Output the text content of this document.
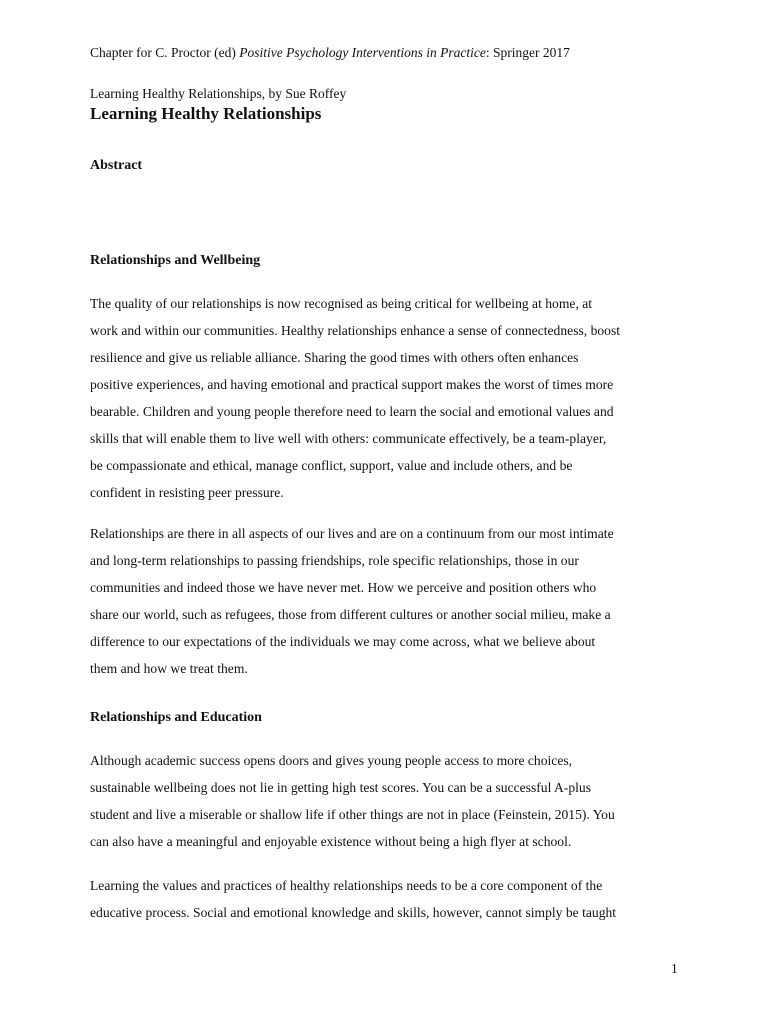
Chapter for C. Proctor (ed) Positive Psychology Interventions in Practice: Springer 2017
Learning Healthy Relationships, by Sue Roffey
Learning Healthy Relationships
Abstract
Relationships and Wellbeing
The quality of our relationships is now recognised as being critical for wellbeing at home, at
work and within our communities. Healthy relationships enhance a sense of connectedness, boost
resilience and give us reliable alliance. Sharing the good times with others often enhances
positive experiences, and having emotional and practical support makes the worst of times more
bearable. Children and young people therefore need to learn the social and emotional values and
skills that will enable them to live well with others: communicate effectively, be a team-player,
be compassionate and ethical, manage conflict, support, value and include others, and be
confident in resisting peer pressure.
Relationships are there in all aspects of our lives and are on a continuum from our most intimate
and long-term relationships to passing friendships, role specific relationships, those in our
communities and indeed those we have never met. How we perceive and position others who
share our world, such as refugees, those from different cultures or another social milieu, make a
difference to our expectations of the individuals we may come across, what we believe about
them and how we treat them.
Relationships and Education
Although academic success opens doors and gives young people access to more choices,
sustainable wellbeing does not lie in getting high test scores. You can be a successful A-plus
student and live a miserable or shallow life if other things are not in place (Feinstein, 2015). You
can also have a meaningful and enjoyable existence without being a high flyer at school.
Learning the values and practices of healthy relationships needs to be a core component of the
educative process. Social and emotional knowledge and skills, however, cannot simply be taught
1
